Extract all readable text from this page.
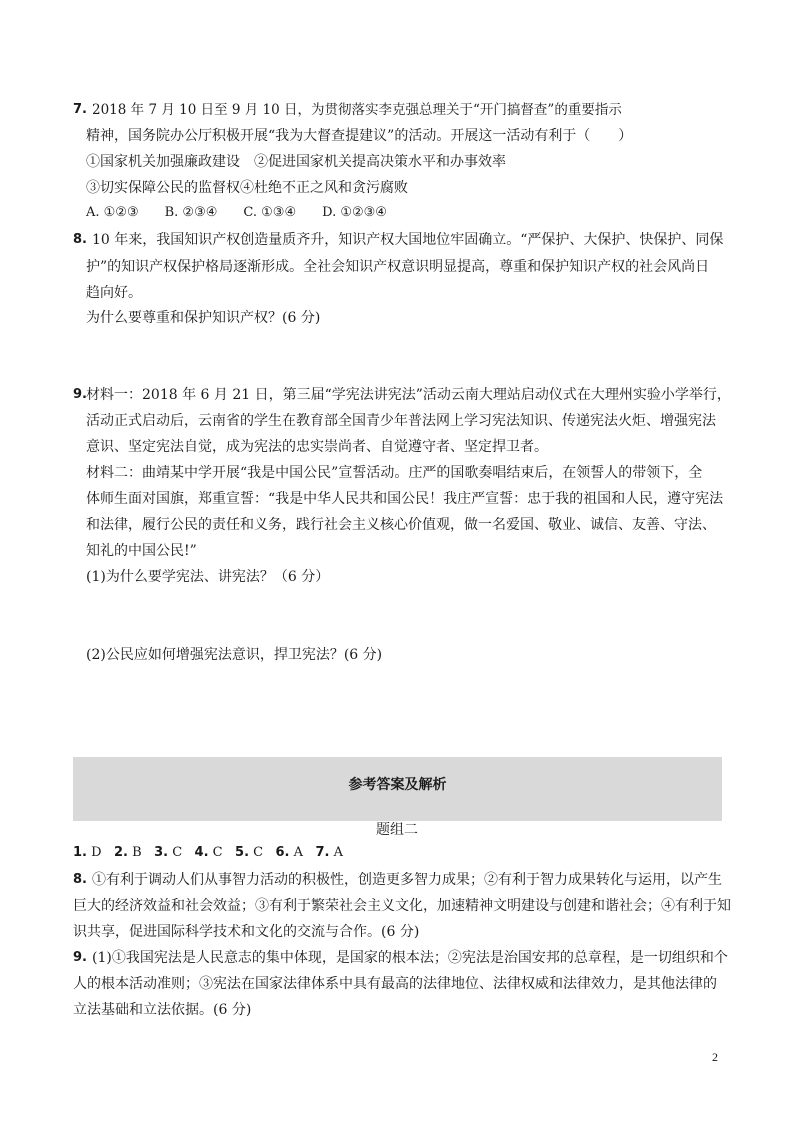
7. 2018 年 7 月 10 日至 9 月 10 日，为贯彻落实李克强总理关于“开门搞督查”的重要指示
精神，国务院办公厅积极开展“我为大督查提建议”的活动。开展这一活动有利于（　　）
①国家机关加强廉政建设　②促进国家机关提高决策水平和办事效率
③切实保障公民的监督权④杜绝不正之风和贪污腐败
A. ①②③　　B. ②③④　　C. ①③④　　D. ①②③④
8. 10 年来，我国知识产权创造量质齐升，知识产权大国地位牢固确立。“严保护、大保护、快保护、同保
护”的知识产权保护格局逐渐形成。全社会知识产权意识明显提高，尊重和保护知识产权的社会风尚日
趋向好。
为什么要尊重和保护知识产权？(6 分)
9. 材料一：2018 年 6 月 21 日，第三届“学宪法讲宪法”活动云南大理站启动仪式在大理州实验小学举行，
活动正式启动后，云南省的学生在教育部全国青少年普法网上学习宪法知识、传递宪法火炬、增强宪法
意识、坚定宪法自觉，成为宪法的忠实崇尚者、自觉遵守者、坚定捍卫者。
材料二：曲靖某中学开展“我是中国公民”宣誓活动。庄严的国歌奏唱结束后，在领誓人的带领下，全
体师生面对国旗，郑重宣誓：“我是中华人民共和国公民！我庄严宣誓：忠于我的祖国和人民，遵守宪法
和法律，履行公民的责任和义务，践行社会主义核心价值观，做一名爱国、敬业、诚信、友善、守法、
知礼的中国公民!”
(1)为什么要学宪法、讲宪法？（6 分）
(2)公民应如何增强宪法意识，捍卫宪法？(6 分)
参考答案及解析
题组二
1. D 2. B 3. C 4. C 5. C 6. A 7. A
8. ①有利于调动人们从事智力活动的积极性，创造更多智力成果；②有利于智力成果转化与运用，以产生
巨大的经济效益和社会效益；③有利于繁荣社会主义文化，加速精神文明建设与创建和谐社会；④有利于知
识共享，促进国际科学技术和文化的交流与合作。(6 分)
9. (1)①我国宪法是人民意志的集中体现，是国家的根本法；②宪法是治国安邦的总章程，是一切组织和个
人的根本活动准则；③宪法在国家法律体系中具有最高的法律地位、法律权威和法律效力，是其他法律的
立法基础和立法依据。(6 分)
2
